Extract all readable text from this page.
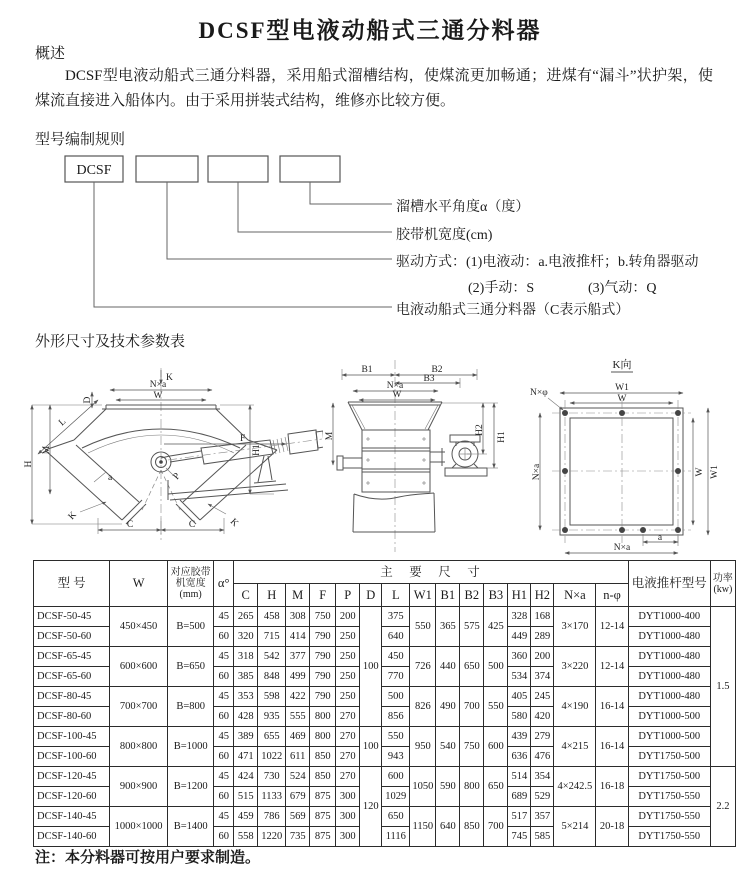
DCSF型电液动船式三通分料器
概述
DCSF型电液动船式三通分料器，采用船式溜槽结构，使煤流更加畅通；进煤有“漏斗”状护架，使煤流直接进入船体内。由于采用拼装式结构，维修亦比较方便。
型号编制规则
DCSF
溜槽水平角度α（度）
胶带机宽度(cm)
驱动方式：(1)电液动：a.电液推杆；b.转角器驱动
(2)手动：S	(3)气动：Q
电液动船式三通分料器（C表示船式）
外形尺寸及技术参数表
K
N×a
W
F
H
M
D
L
H1
P
a
C	C
K
K
B1	B2
B3
N×a
W
M
H2
H1
K向
W1
W
N×φ
N×a	W W1
a
N×a
型 号	W	对应胶带机宽度(mm)	α°	主　要　尺　寸															电液推杆型号	功率(kw)
				C	H	M	F	P	D	L	W1	B1	B2	B3	H1	H2	N×a	n-φ		
DCSF-50-45	450×450	B=500	45	265	458	308	750	200	100	375	550	365	575	425	328	168	3×170	12-14	DYT1000-400	1.5
DCSF-50-60			60	320	715	414	790	250		640					449	289			DYT1000-480	
DCSF-65-45	600×600	B=650	45	318	542	377	790	250		450	726	440	650	500	360	200	3×220	12-14	DYT1000-480	
DCSF-65-60			60	385	848	499	790	250		770					534	374			DYT1000-480	
DCSF-80-45	700×700	B=800	45	353	598	422	790	250		500	826	490	700	550	405	245	4×190	16-14	DYT1000-480	
DCSF-80-60			60	428	935	555	800	270		856					580	420			DYT1000-500	
DCSF-100-45	800×800	B=1000	45	389	655	469	800	270	100	550	950	540	750	600	439	279	4×215	16-14	DYT1000-500	
DCSF-100-60			60	471	1022	611	850	270		943					636	476			DYT1750-500	
DCSF-120-45	900×900	B=1200	45	424	730	524	850	270	120	600	1050	590	800	650	514	354	4×242.5	16-18	DYT1750-500	2.2
DCSF-120-60			60	515	1133	679	875	300		1029					689	529			DYT1750-550	
DCSF-140-45	1000×1000	B=1400	45	459	786	569	875	300		650	1150	640	850	700	517	357	5×214	20-18	DYT1750-550	
DCSF-140-60			60	558	1220	735	875	300		1116					745	585			DYT1750-550	
注：本分料器可按用户要求制造。
